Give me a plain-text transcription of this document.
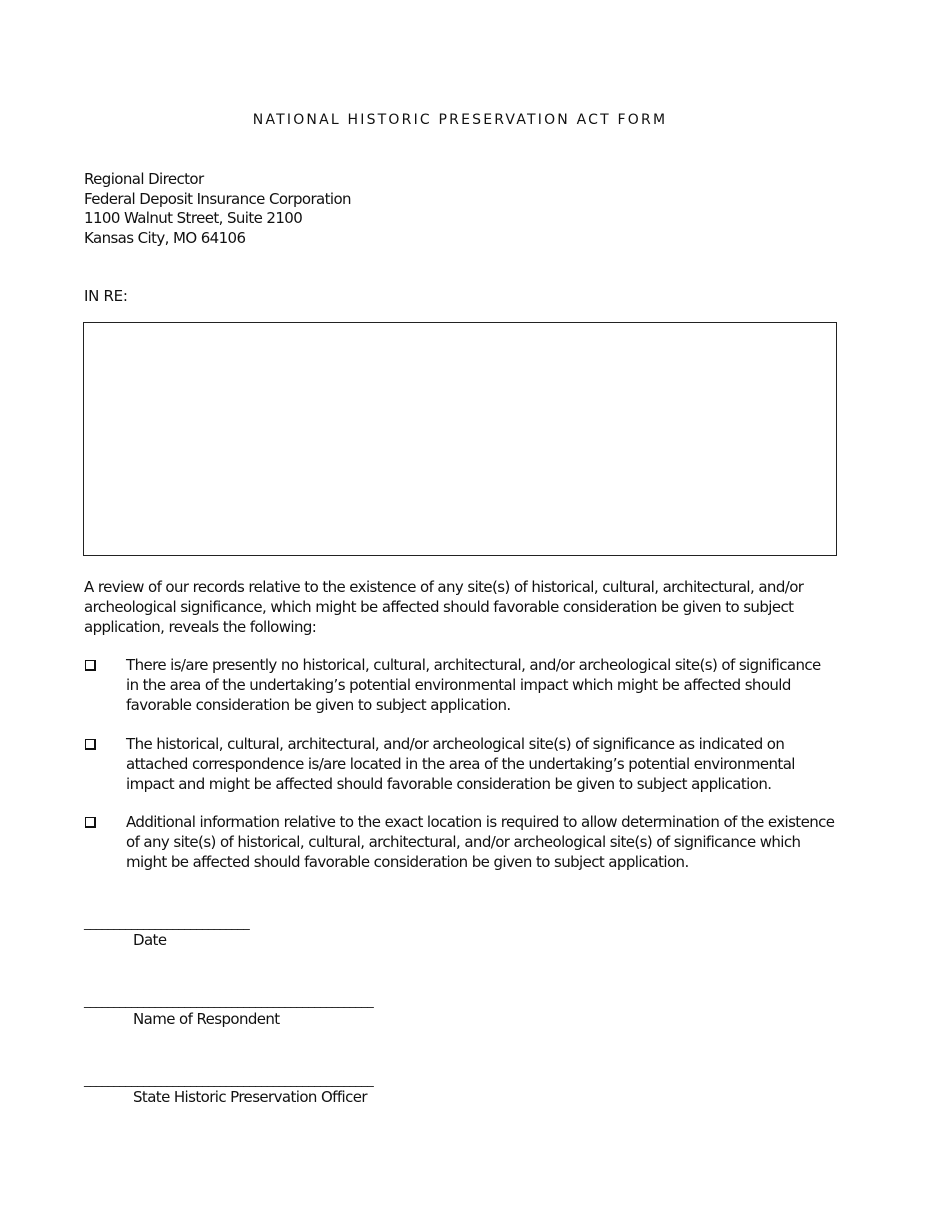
NATIONAL HISTORIC PRESERVATION ACT FORM
Regional Director
Federal Deposit Insurance Corporation
1100 Walnut Street, Suite 2100
Kansas City, MO 64106
IN RE:

A review of our records relative to the existence of any site(s) of historical, cultural, architectural, and/or archeological significance, which might be affected should favorable consideration be given to subject application, reveals the following:

There is/are presently no historical, cultural, architectural, and/or archeological site(s) of significance in the area of the undertaking’s potential environmental impact which might be affected should favorable consideration be given to subject application.

The historical, cultural, architectural, and/or archeological site(s) of significance as indicated on attached correspondence is/are located in the area of the undertaking’s potential environmental impact and might be affected should favorable consideration be given to subject application.

Additional information relative to the exact location is required to allow determination of the existence of any site(s) of historical, cultural, architectural, and/or archeological site(s) of significance which might be affected should favorable consideration be given to subject application.

____________________________
Date
_________________________________________________
Name of Respondent
_________________________________________________
State Historic Preservation Officer
